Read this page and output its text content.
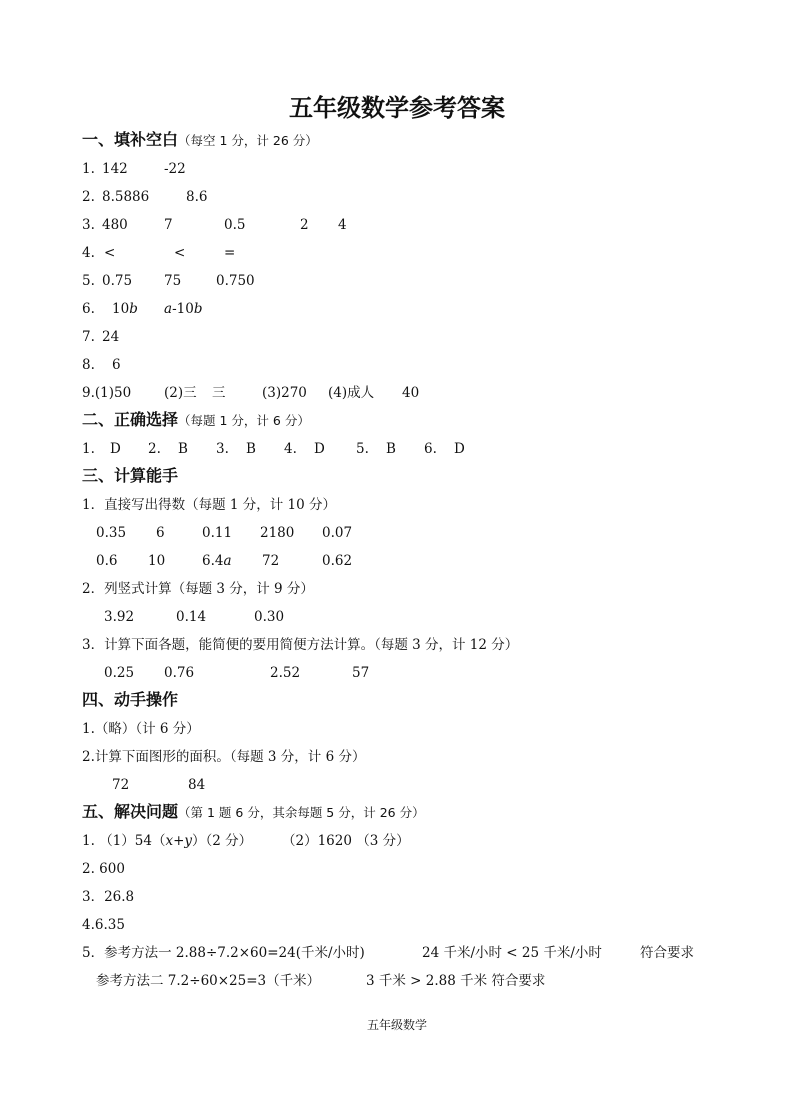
五年级数学参考答案
一、填补空白（每空 1 分，计 26 分）
1. 142	-22
2. 8.5886	8.6
3. 480	7	0.5	2 4
4. <	<	=
5. 0.75 75	0.750
6. 10b a-10b
7. 24
8. 6
9.(1)50 (2)三 三	(3)270 (4)成人 40
二、正确选择（每题 1 分，计 6 分）
1. D 2. B 3. B 4. D 5. B 6. D
三、计算能手
1．直接写出得数（每题 1 分，计 10 分）
0.35 6	0.11 2180 0.07
0.6 10	6.4a 72	0.62
2．列竖式计算（每题 3 分，计 9 分）
3.92	0.14	0.30
3．计算下面各题，能简便的要用简便方法计算。（每题 3 分，计 12 分）
0.25 0.76	2.52	57
四、动手操作
1.（略）（计 6 分）
2.计算下面图形的面积。（每题 3 分，计 6 分）
72	84
五、解决问题（第 1 题 6 分，其余每题 5 分，计 26 分）
1. （1）54（x+y）（2 分） （2）1620 （3 分）
2. 600
3．26.8
4.6.35
5．参考方法一 2.88÷7.2×60=24(千米/小时)	24 千米/小时 < 25 千米/小时	符合要求
参考方法二 7.2÷60×25=3（千米）	3 千米 > 2.88 千米 符合要求
五年级数学
